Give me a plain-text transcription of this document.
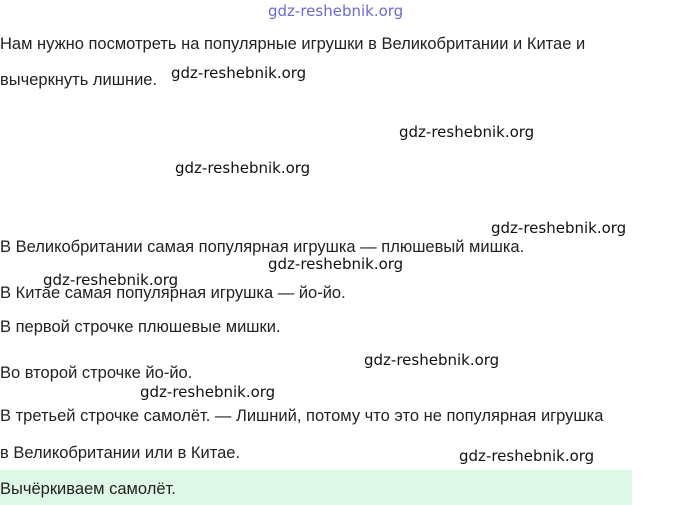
Нам нужно посмотреть на популярные игрушки в Великобритании и Китае и
вычеркнуть лишние.
В Великобритании самая популярная игрушка — плюшевый мишка.
В Китае самая популярная игрушка — йо-йо.
В первой строчке плюшевые мишки.
Во второй строчке йо-йо.
В третьей строчке самолёт. — Лишний, потому что это не популярная игрушка
в Великобритании или в Китае.
Вычёркиваем самолёт.
gdz-reshebnik.org
gdz-reshebnik.org
gdz-reshebnik.org
gdz-reshebnik.org
gdz-reshebnik.org
gdz-reshebnik.org
gdz-reshebnik.org
gdz-reshebnik.org
gdz-reshebnik.org
gdz-reshebnik.org
